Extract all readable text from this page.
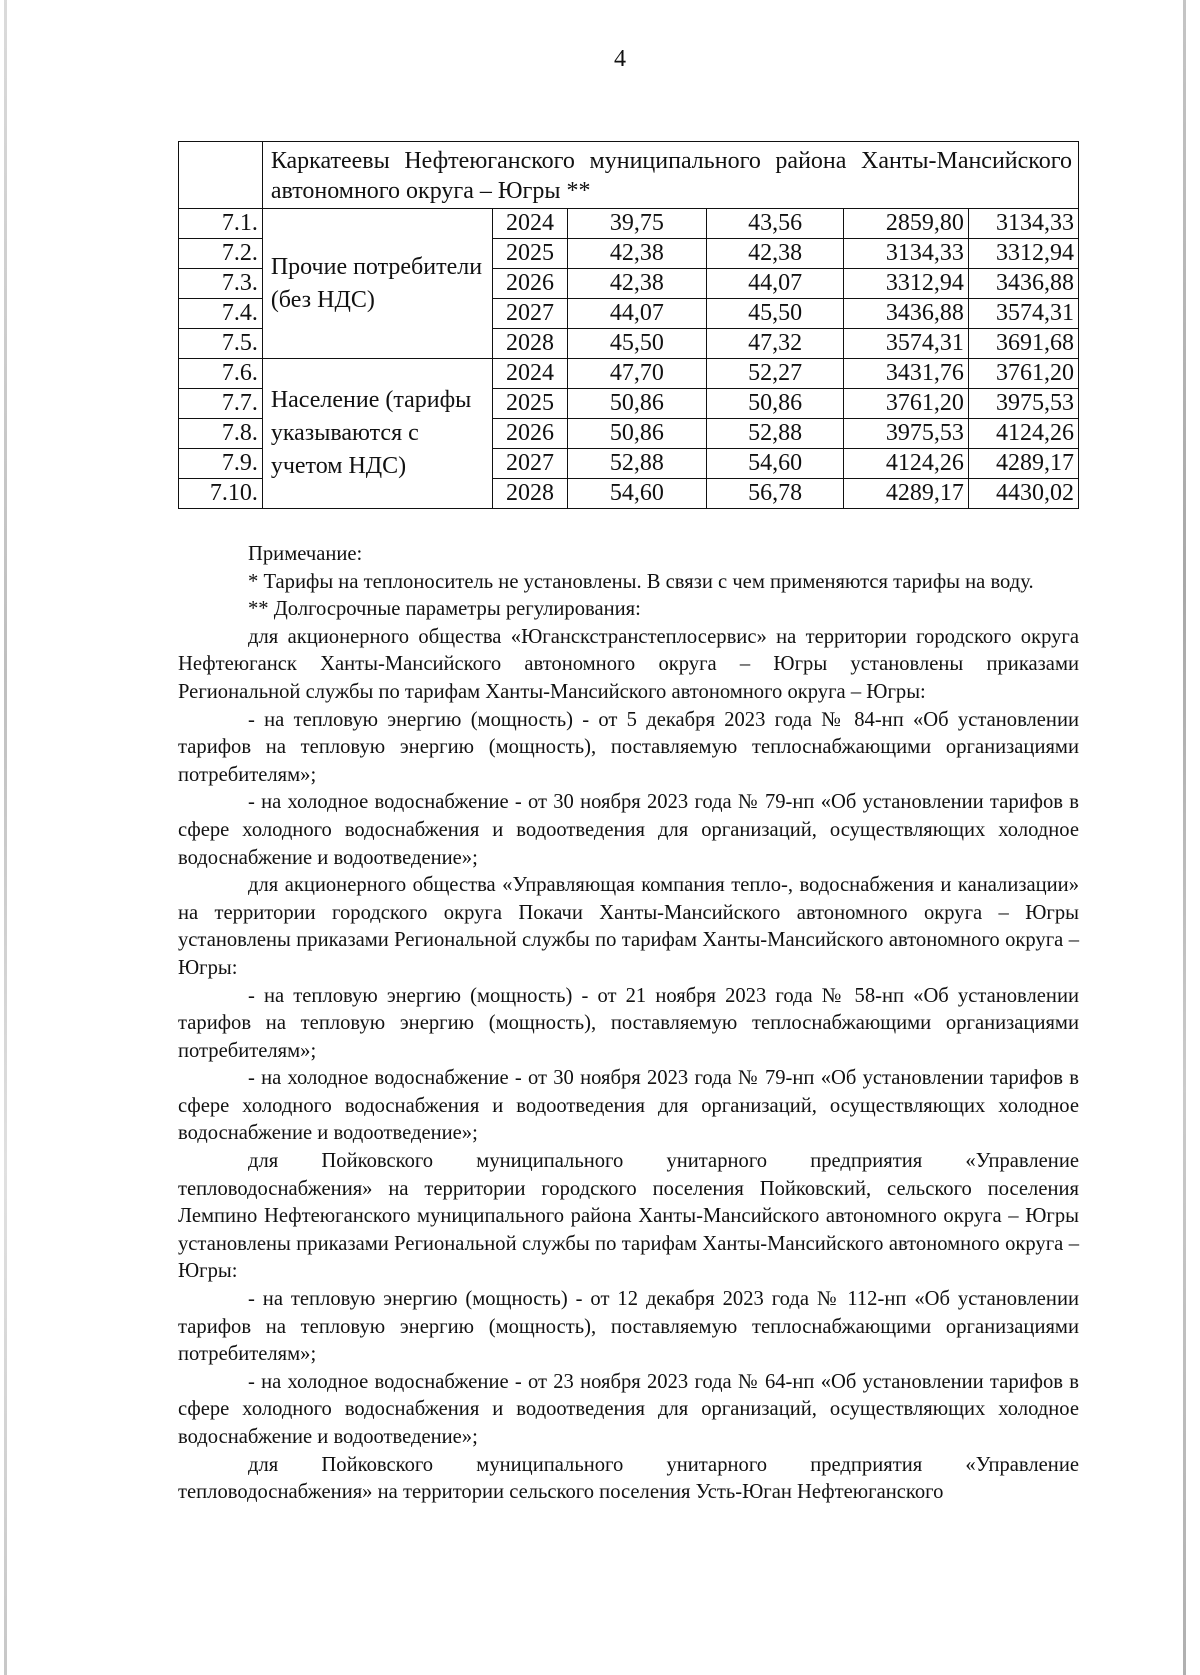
4
	Каркатеевы Нефтеюганского муниципального района Ханты-Мансийского автономного округа – Югры **					
7.1.	Прочие потребители (без НДС)	2024	39,75	43,56	2859,80	3134,33
7.2.		2025	42,38	42,38	3134,33	3312,94
7.3.		2026	42,38	44,07	3312,94	3436,88
7.4.		2027	44,07	45,50	3436,88	3574,31
7.5.		2028	45,50	47,32	3574,31	3691,68
7.6.	Население (тарифы указываются с учетом НДС)	2024	47,70	52,27	3431,76	3761,20
7.7.		2025	50,86	50,86	3761,20	3975,53
7.8.		2026	50,86	52,88	3975,53	4124,26
7.9.		2027	52,88	54,60	4124,26	4289,17
7.10.		2028	54,60	56,78	4289,17	4430,02

Примечание:

* Тарифы на теплоноситель не установлены. В связи с чем применяются тарифы на воду.

** Долгосрочные параметры регулирования:

для акционерного общества «Юганскстранстеплосервис» на территории городского округа Нефтеюганск Ханты-Мансийского автономного округа – Югры установлены приказами Региональной службы по тарифам Ханты-Мансийского автономного округа – Югры:

- на тепловую энергию (мощность) - от 5 декабря 2023 года № 84-нп «Об установлении тарифов на тепловую энергию (мощность), поставляемую теплоснабжающими организациями потребителям»;

- на холодное водоснабжение - от 30 ноября 2023 года № 79-нп «Об установлении тарифов в сфере холодного водоснабжения и водоотведения для организаций, осуществляющих холодное водоснабжение и водоотведение»;

для акционерного общества «Управляющая компания тепло-, водоснабжения и канализации» на территории городского округа Покачи Ханты-Мансийского автономного округа – Югры установлены приказами Региональной службы по тарифам Ханты-Мансийского автономного округа – Югры:

- на тепловую энергию (мощность) - от 21 ноября 2023 года № 58-нп «Об установлении тарифов на тепловую энергию (мощность), поставляемую теплоснабжающими организациями потребителям»;

- на холодное водоснабжение - от 30 ноября 2023 года № 79-нп «Об установлении тарифов в сфере холодного водоснабжения и водоотведения для организаций, осуществляющих холодное водоснабжение и водоотведение»;

для Пойковского муниципального унитарного предприятия «Управление тепловодоснабжения» на территории городского поселения Пойковский, сельского поселения Лемпино Нефтеюганского муниципального района Ханты-Мансийского автономного округа – Югры установлены приказами Региональной службы по тарифам Ханты-Мансийского автономного округа – Югры:

- на тепловую энергию (мощность) - от 12 декабря 2023 года № 112-нп «Об установлении тарифов на тепловую энергию (мощность), поставляемую теплоснабжающими организациями потребителям»;

- на холодное водоснабжение - от 23 ноября 2023 года № 64-нп «Об установлении тарифов в сфере холодного водоснабжения и водоотведения для организаций, осуществляющих холодное водоснабжение и водоотведение»;

для Пойковского муниципального унитарного предприятия «Управление тепловодоснабжения» на территории сельского поселения Усть-Юган Нефтеюганского
